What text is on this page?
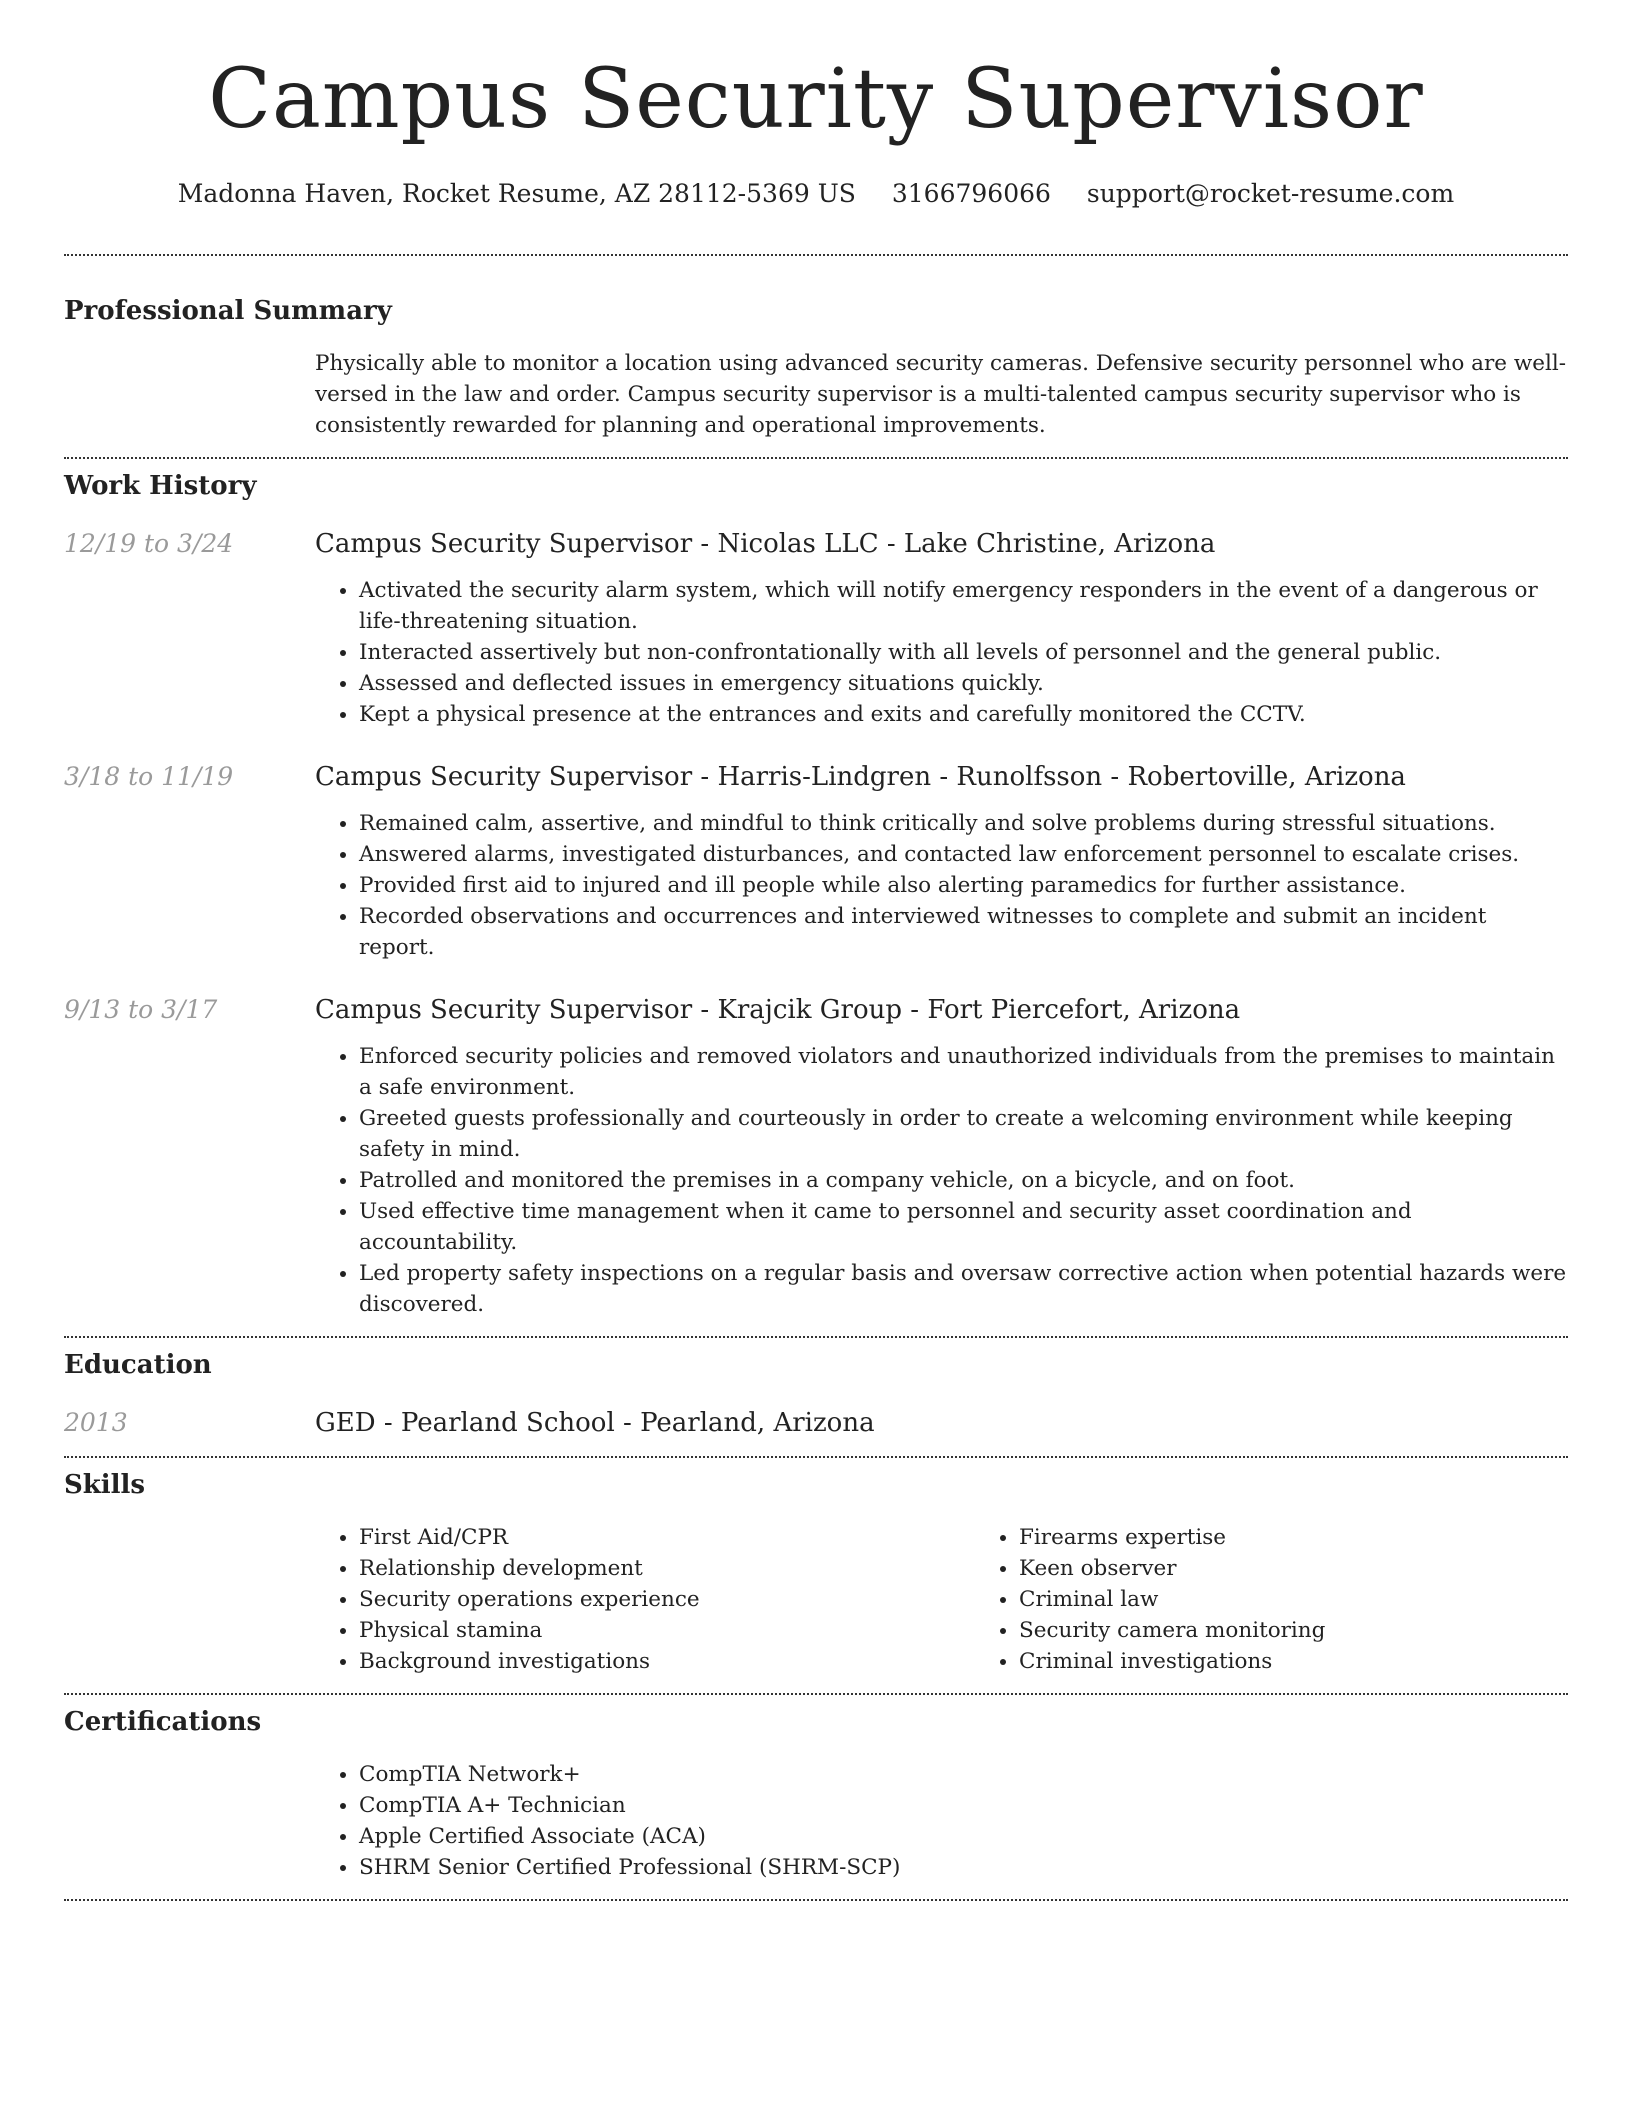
Campus Security Supervisor
Madonna Haven, Rocket Resume, AZ 28112-5369 US 3166796066 support@rocket-resume.com
Professional Summary

Physically able to monitor a location using advanced security cameras. Defensive security personnel who are well-versed in the law and order. Campus security supervisor is a multi-talented campus security supervisor who is consistently rewarded for planning and operational improvements.

Work History
12/19 to 3/24	Campus Security Supervisor - Nicolas LLC - Lake Christine, Arizona
• Activated the security alarm system, which will notify emergency responders in the event of a dangerous or life-threatening situation.
• Interacted assertively but non-confrontationally with all levels of personnel and the general public.
• Assessed and deflected issues in emergency situations quickly.
• Kept a physical presence at the entrances and exits and carefully monitored the CCTV.
3/18 to 11/19	Campus Security Supervisor - Harris-Lindgren - Runolfsson - Robertoville, Arizona
• Remained calm, assertive, and mindful to think critically and solve problems during stressful situations.
• Answered alarms, investigated disturbances, and contacted law enforcement personnel to escalate crises.
• Provided first aid to injured and ill people while also alerting paramedics for further assistance.
• Recorded observations and occurrences and interviewed witnesses to complete and submit an incident report.
9/13 to 3/17	Campus Security Supervisor - Krajcik Group - Fort Piercefort, Arizona
• Enforced security policies and removed violators and unauthorized individuals from the premises to maintain a safe environment.
• Greeted guests professionally and courteously in order to create a welcoming environment while keeping safety in mind.
• Patrolled and monitored the premises in a company vehicle, on a bicycle, and on foot.
• Used effective time management when it came to personnel and security asset coordination and accountability.
• Led property safety inspections on a regular basis and oversaw corrective action when potential hazards were discovered.
Education
2013	GED - Pearland School - Pearland, Arizona
Skills
• First Aid/CPR
• Relationship development
• Security operations experience
• Physical stamina
• Background investigations
• Firearms expertise
• Keen observer
• Criminal law
• Security camera monitoring
• Criminal investigations
Certifications
• CompTIA Network+
• CompTIA A+ Technician
• Apple Certified Associate (ACA)
• SHRM Senior Certified Professional (SHRM-SCP)
